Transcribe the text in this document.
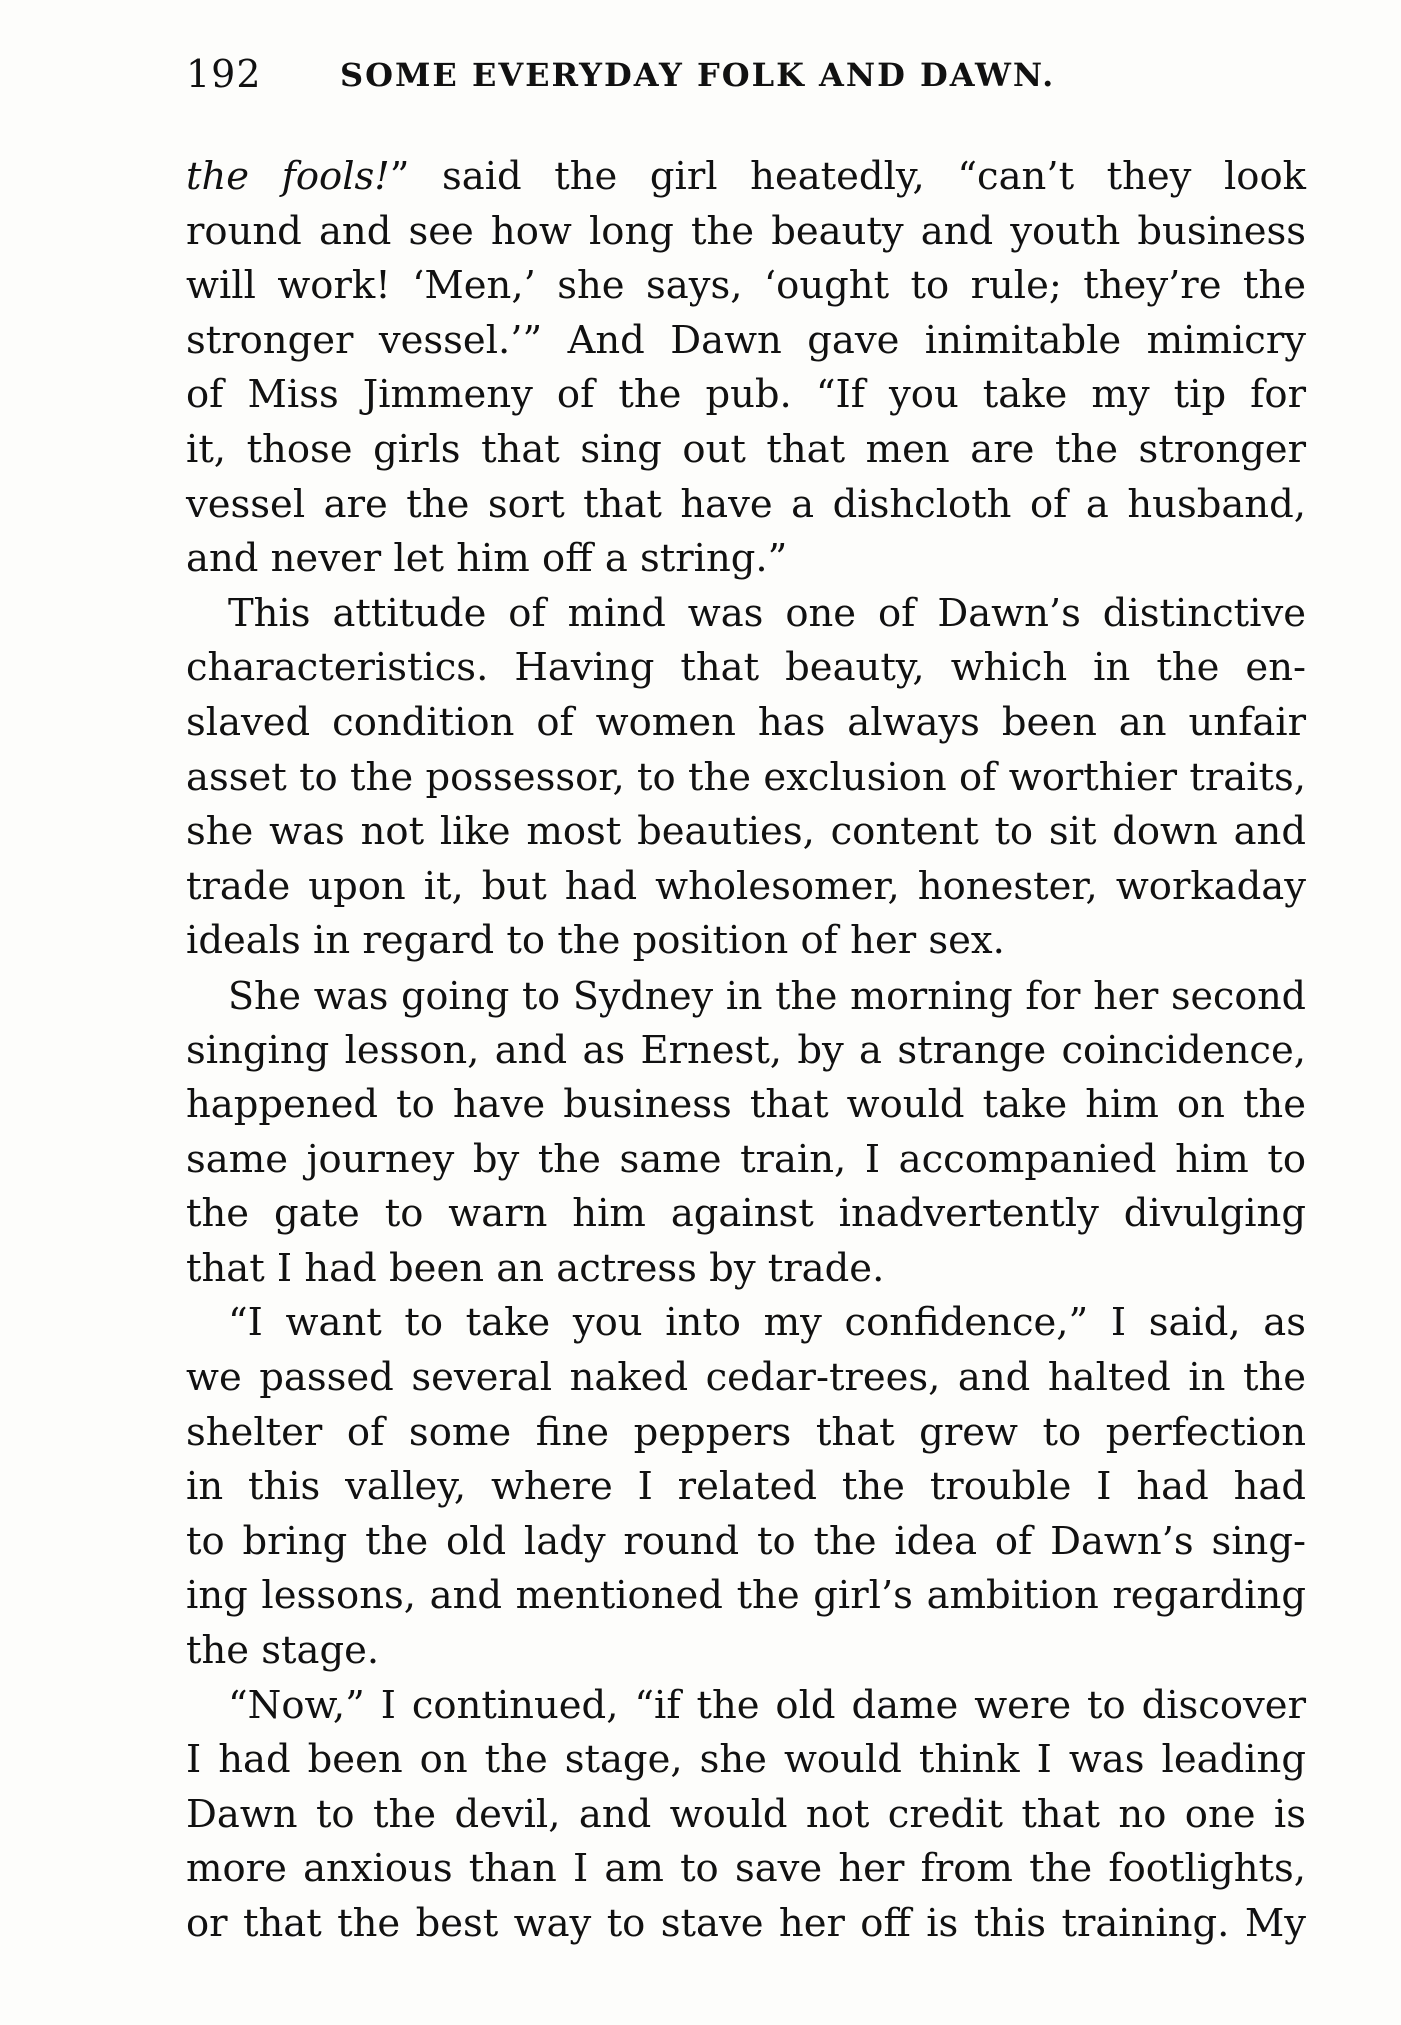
192 SOME EVERYDAY FOLK AND DAWN.
the fools!” said the girl heatedly, “can’t they look
round and see how long the beauty and youth business
will work! ‘Men,’ she says, ‘ought to rule; they’re the
stronger vessel.’” And Dawn gave inimitable mimicry
of Miss Jimmeny of the pub. “If you take my tip for
it, those girls that sing out that men are the stronger
vessel are the sort that have a dishcloth of a husband,
and never let him off a string.”
This attitude of mind was one of Dawn’s distinctive
characteristics. Having that beauty, which in the en-
slaved condition of women has always been an unfair
asset to the possessor, to the exclusion of worthier traits,
she was not like most beauties, content to sit down and
trade upon it, but had wholesomer, honester, workaday
ideals in regard to the position of her sex.
She was going to Sydney in the morning for her second
singing lesson, and as Ernest, by a strange coincidence,
happened to have business that would take him on the
same journey by the same train, I accompanied him to
the gate to warn him against inadvertently divulging
that I had been an actress by trade.
“I want to take you into my confidence,” I said, as
we passed several naked cedar-trees, and halted in the
shelter of some fine peppers that grew to perfection
in this valley, where I related the trouble I had had
to bring the old lady round to the idea of Dawn’s sing-
ing lessons, and mentioned the girl’s ambition regarding
the stage.
“Now,” I continued, “if the old dame were to discover
I had been on the stage, she would think I was leading
Dawn to the devil, and would not credit that no one is
more anxious than I am to save her from the footlights,
or that the best way to stave her off is this training. My
